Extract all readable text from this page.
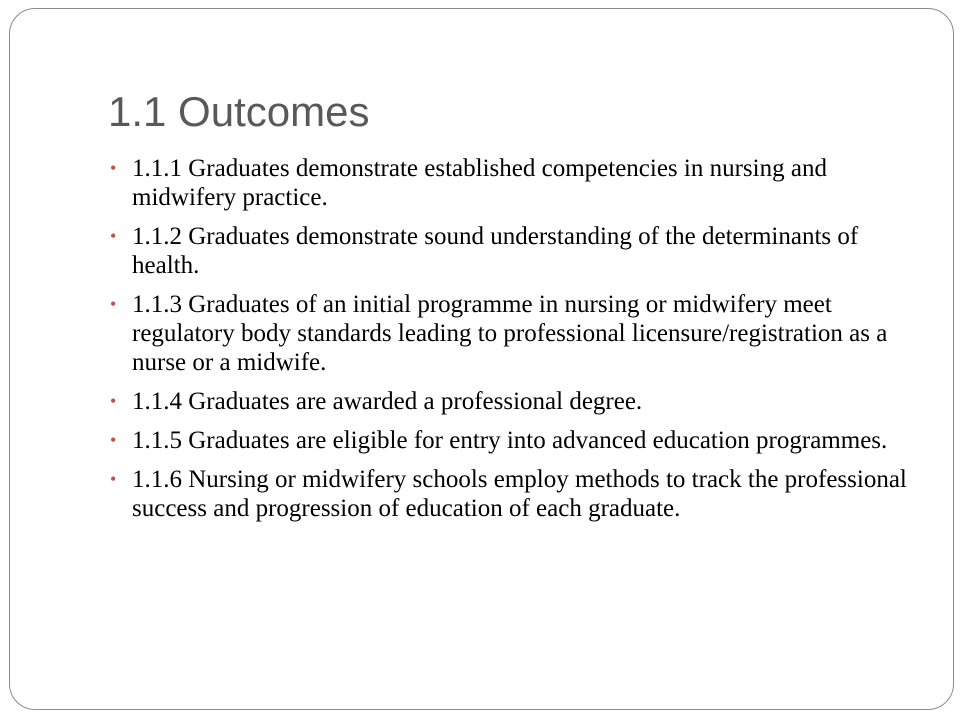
1.1 Outcomes
• 1.1.1 Graduates demonstrate established competencies in nursing and midwifery practice.
• 1.1.2 Graduates demonstrate sound understanding of the determinants of health.
• 1.1.3 Graduates of an initial programme in nursing or midwifery meet regulatory body standards leading to professional licensure/registration as a nurse or a midwife.
• 1.1.4 Graduates are awarded a professional degree.
• 1.1.5 Graduates are eligible for entry into advanced education programmes.
• 1.1.6 Nursing or midwifery schools employ methods to track the professional success and progression of education of each graduate.
